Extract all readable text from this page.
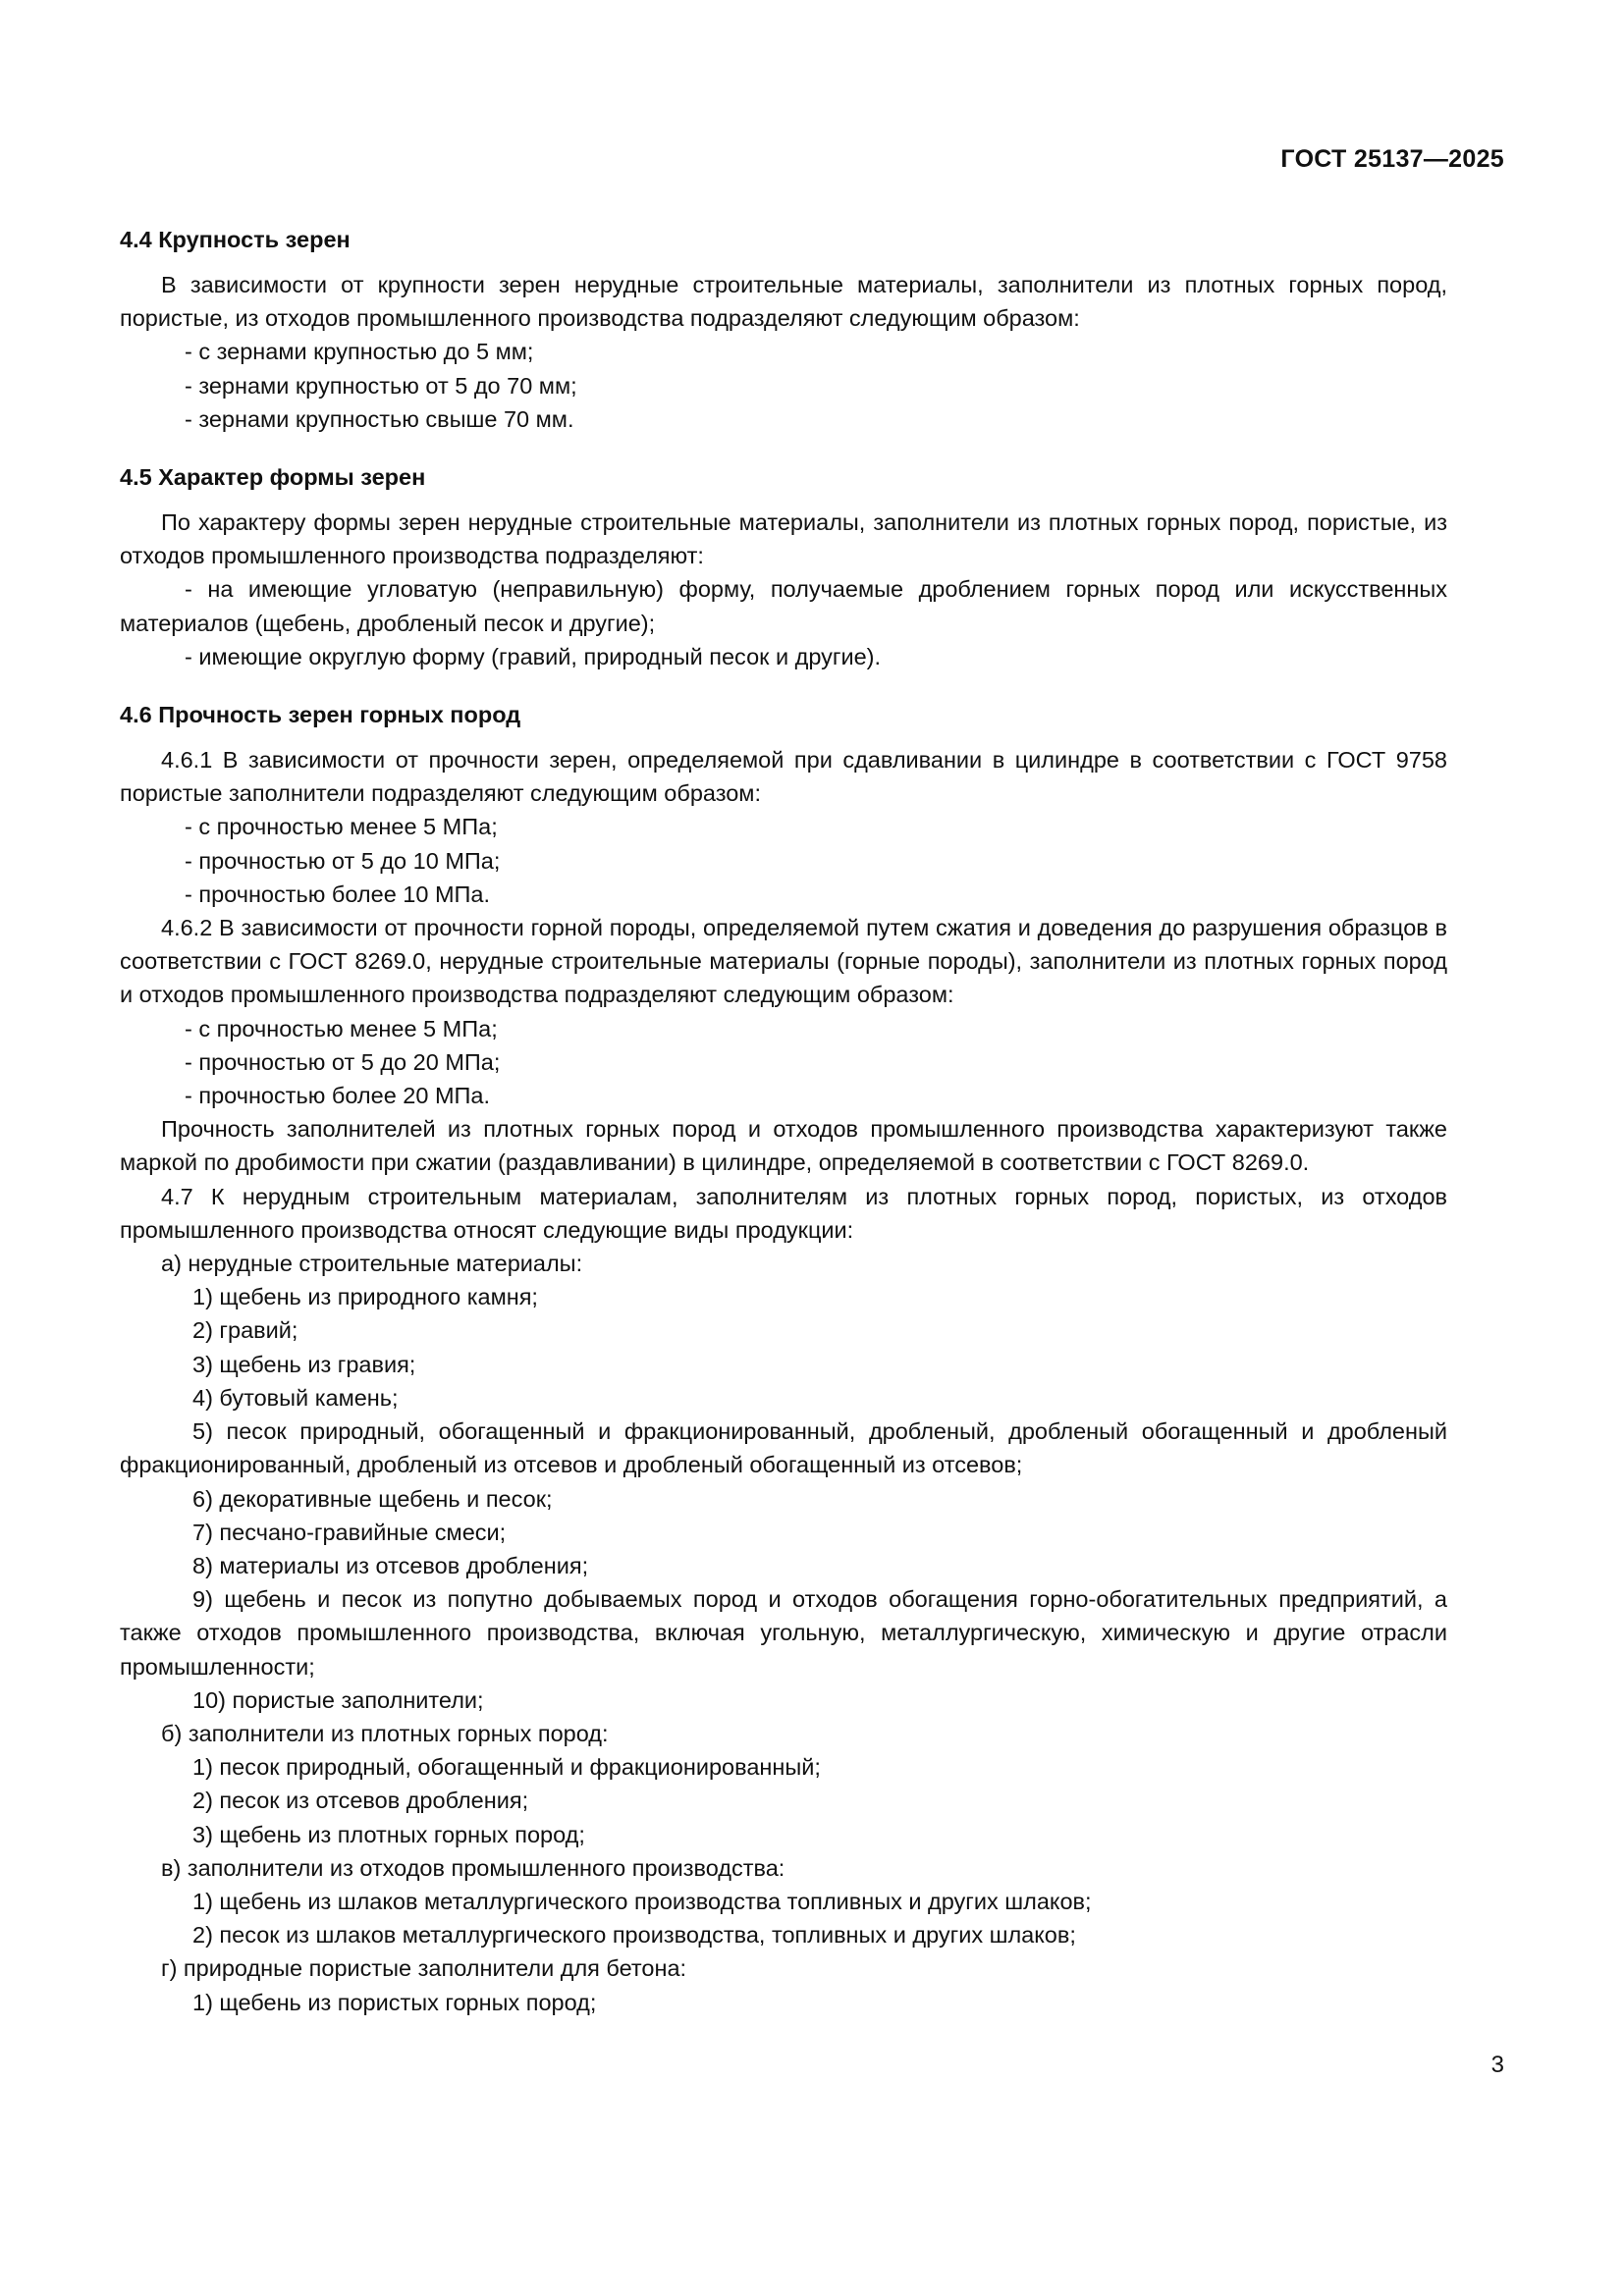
ГОСТ 25137—2025
4.4 Крупность зерен

В зависимости от крупности зерен нерудные строительные материалы, заполнители из плотных горных пород, пористые, из отходов промышленного производства подразделяют следующим образом:

- с зернами крупностью до 5 мм;

- зернами крупностью от 5 до 70 мм;

- зернами крупностью свыше 70 мм.

4.5 Характер формы зерен

По характеру формы зерен нерудные строительные материалы, заполнители из плотных горных пород, пористые, из отходов промышленного производства подразделяют:

- на имеющие угловатую (неправильную) форму, получаемые дроблением горных пород или искусственных материалов (щебень, дробленый песок и другие);

- имеющие округлую форму (гравий, природный песок и другие).

4.6 Прочность зерен горных пород

4.6.1 В зависимости от прочности зерен, определяемой при сдавливании в цилиндре в соответствии с ГОСТ 9758 пористые заполнители подразделяют следующим образом:

- с прочностью менее 5 МПа;

- прочностью от 5 до 10 МПа;

- прочностью более 10 МПа.

4.6.2 В зависимости от прочности горной породы, определяемой путем сжатия и доведения до разрушения образцов в соответствии с ГОСТ 8269.0, нерудные строительные материалы (горные породы), заполнители из плотных горных пород и отходов промышленного производства подразделяют следующим образом:

- с прочностью менее 5 МПа;

- прочностью от 5 до 20 МПа;

- прочностью более 20 МПа.

Прочность заполнителей из плотных горных пород и отходов промышленного производства характеризуют также маркой по дробимости при сжатии (раздавливании) в цилиндре, определяемой в соответствии с ГОСТ 8269.0.

4.7 К нерудным строительным материалам, заполнителям из плотных горных пород, пористых, из отходов промышленного производства относят следующие виды продукции:

а) нерудные строительные материалы:

1) щебень из природного камня;

2) гравий;

3) щебень из гравия;

4) бутовый камень;

5) песок природный, обогащенный и фракционированный, дробленый, дробленый обогащенный и дробленый фракционированный, дробленый из отсевов и дробленый обогащенный из отсевов;

6) декоративные щебень и песок;

7) песчано-гравийные смеси;

8) материалы из отсевов дробления;

9) щебень и песок из попутно добываемых пород и отходов обогащения горно-обогатительных предприятий, а также отходов промышленного производства, включая угольную, металлургическую, химическую и другие отрасли промышленности;

10) пористые заполнители;

б) заполнители из плотных горных пород:

1) песок природный, обогащенный и фракционированный;

2) песок из отсевов дробления;

3) щебень из плотных горных пород;

в) заполнители из отходов промышленного производства:

1) щебень из шлаков металлургического производства топливных и других шлаков;

2) песок из шлаков металлургического производства, топливных и других шлаков;

г) природные пористые заполнители для бетона:

1) щебень из пористых горных пород;

3
